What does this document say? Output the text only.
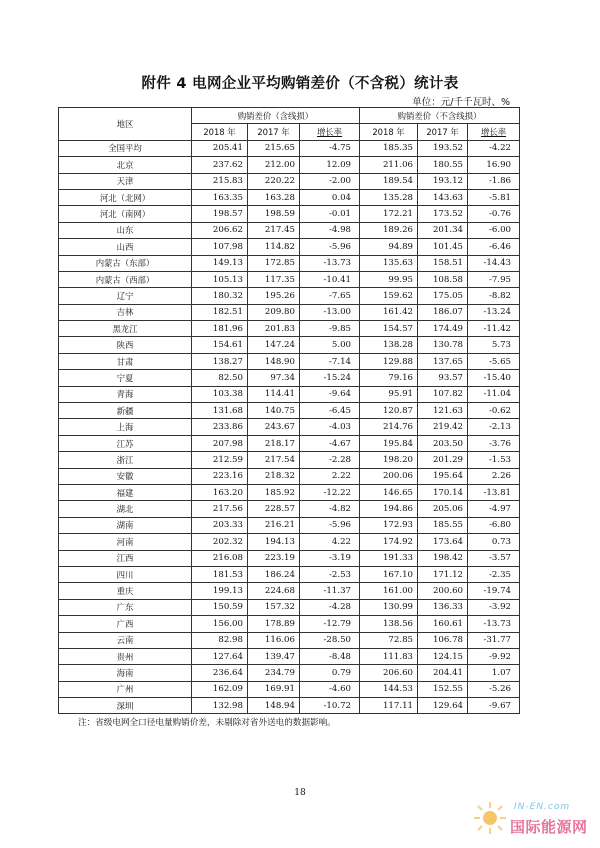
附件 4 电网企业平均购销差价（不含税）统计表
单位：元/千千瓦时、%
地区	购销差价（含线损）			购销差价（不含线损）		
	2018 年	2017 年	增长率	2018 年	2017 年	增长率
全国平均	205.41	215.65	-4.75	185.35	193.52	-4.22
北京	237.62	212.00	12.09	211.06	180.55	16.90
天津	215.83	220.22	-2.00	189.54	193.12	-1.86
河北（北网）	163.35	163.28	0.04	135.28	143.63	-5.81
河北（南网）	198.57	198.59	-0.01	172.21	173.52	-0.76
山东	206.62	217.45	-4.98	189.26	201.34	-6.00
山西	107.98	114.82	-5.96	94.89	101.45	-6.46
内蒙古（东部）	149.13	172.85	-13.73	135.63	158.51	-14.43
内蒙古（西部）	105.13	117.35	-10.41	99.95	108.58	-7.95
辽宁	180.32	195.26	-7.65	159.62	175.05	-8.82
吉林	182.51	209.80	-13.00	161.42	186.07	-13.24
黑龙江	181.96	201.83	-9.85	154.57	174.49	-11.42
陕西	154.61	147.24	5.00	138.28	130.78	5.73
甘肃	138.27	148.90	-7.14	129.88	137.65	-5.65
宁夏	82.50	97.34	-15.24	79.16	93.57	-15.40
青海	103.38	114.41	-9.64	95.91	107.82	-11.04
新疆	131.68	140.75	-6.45	120.87	121.63	-0.62
上海	233.86	243.67	-4.03	214.76	219.42	-2.13
江苏	207.98	218.17	-4.67	195.84	203.50	-3.76
浙江	212.59	217.54	-2.28	198.20	201.29	-1.53
安徽	223.16	218.32	2.22	200.06	195.64	2.26
福建	163.20	185.92	-12.22	146.65	170.14	-13.81
湖北	217.56	228.57	-4.82	194.86	205.06	-4.97
湖南	203.33	216.21	-5.96	172.93	185.55	-6.80
河南	202.32	194.13	4.22	174.92	173.64	0.73
江西	216.08	223.19	-3.19	191.33	198.42	-3.57
四川	181.53	186.24	-2.53	167.10	171.12	-2.35
重庆	199.13	224.68	-11.37	161.00	200.60	-19.74
广东	150.59	157.32	-4.28	130.99	136.33	-3.92
广西	156.00	178.89	-12.79	138.56	160.61	-13.73
云南	82.98	116.06	-28.50	72.85	106.78	-31.77
贵州	127.64	139.47	-8.48	111.83	124.15	-9.92
海南	236.64	234.79	0.79	206.60	204.41	1.07
广州	162.09	169.91	-4.60	144.53	152.55	-5.26
深圳	132.98	148.94	-10.72	117.11	129.64	-9.67
注：省级电网全口径电量购销价差，未剔除对省外送电的数据影响。
18
IN-EN.com
国际能源网
